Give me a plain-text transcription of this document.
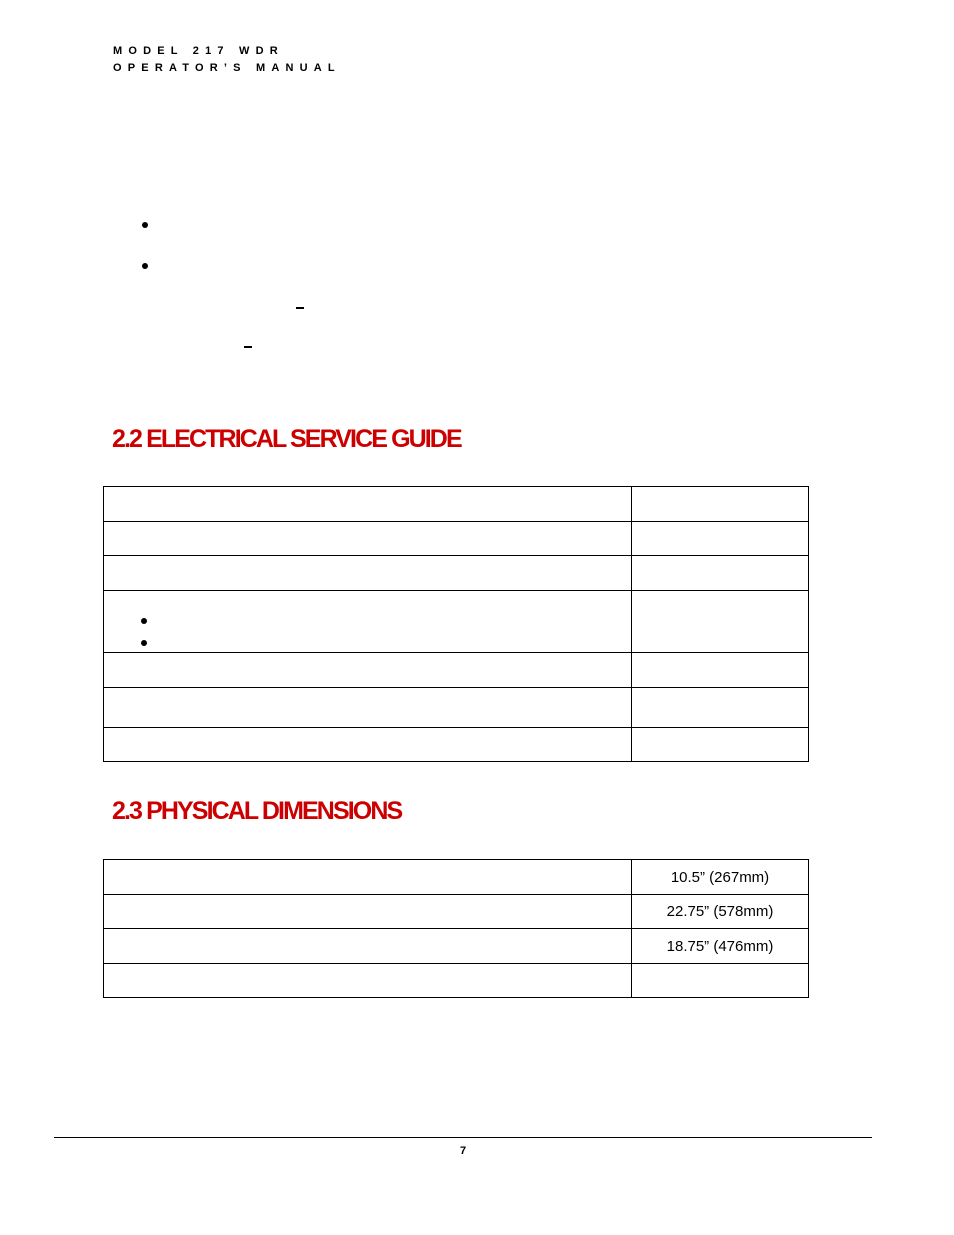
MODEL 217 WDR
OPERATOR’S MANUAL
2.2 ELECTRICAL SERVICE GUIDE

2.3 PHYSICAL DIMENSIONS
	10.5” (267mm)
	22.75” (578mm)
	18.75” (476mm)

7
